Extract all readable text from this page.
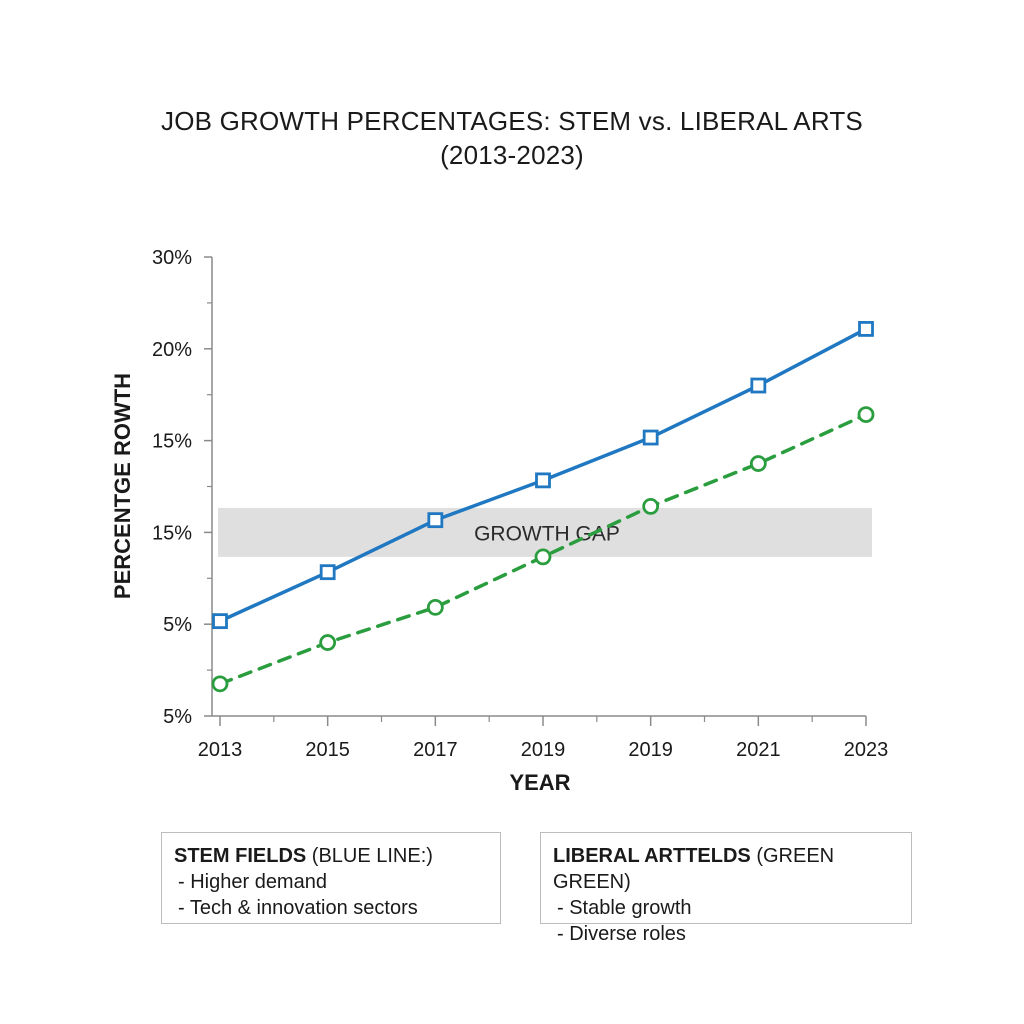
JOB GROWTH PERCENTAGES: STEM vs. LIBERAL ARTS
(2013-2023)
GROWTH GAP
5%
5%
15%
15%
20%
30%
2013	2015	2017	2019	2019	2021	2023
YEAR
PERCENTGE ROWTH
STEM FIELDS (BLUE LINE:)
- Higher demand
- Tech & innovation sectors
LIBERAL ARTTELDS (GREEN GREEN)
- Stable growth
- Diverse roles
